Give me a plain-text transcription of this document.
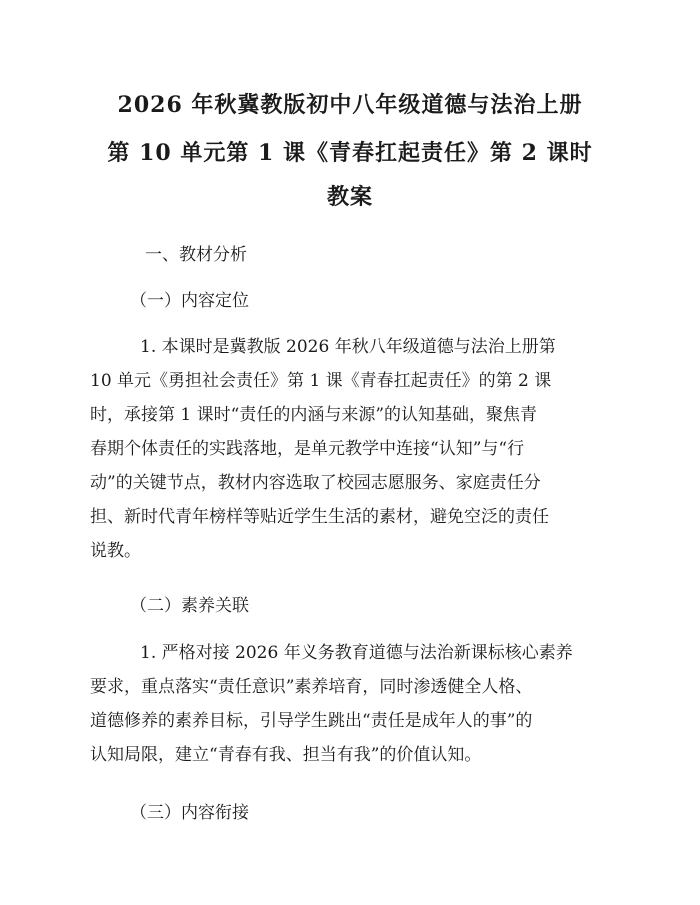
2026 年秋冀教版初中八年级道德与法治上册
第 10 单元第 1 课《青春扛起责任》第 2 课时
教案
一、教材分析
（一）内容定位
1. 本课时是冀教版 2026 年秋八年级道德与法治上册第
10 单元《勇担社会责任》第 1 课《青春扛起责任》的第 2 课
时，承接第 1 课时“责任的内涵与来源”的认知基础，聚焦青
春期个体责任的实践落地，是单元教学中连接“认知”与“行
动”的关键节点，教材内容选取了校园志愿服务、家庭责任分
担、新时代青年榜样等贴近学生生活的素材，避免空泛的责任
说教。
（二）素养关联
1. 严格对接 2026 年义务教育道德与法治新课标核心素养
要求，重点落实“责任意识”素养培育，同时渗透健全人格、
道德修养的素养目标，引导学生跳出“责任是成年人的事”的
认知局限，建立“青春有我、担当有我”的价值认知。
（三）内容衔接
